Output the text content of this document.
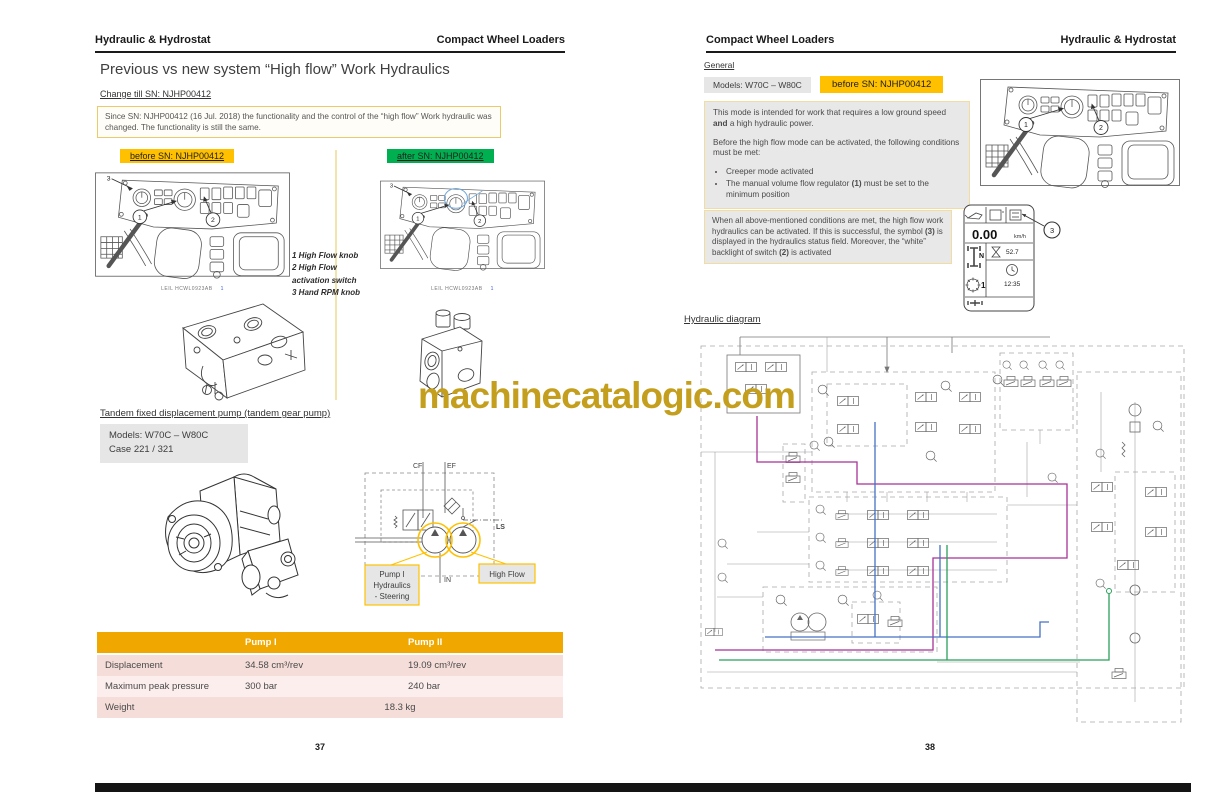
Hydraulic & Hydrostat	Compact Wheel Loaders
Previous vs new system “High flow” Work Hydraulics
Change till SN: NJHP00412
Since SN: NJHP00412 (16 Jul. 2018) the functionality and the control of the “high flow” Work hydraulic was changed. The functionality is still the same.
before SN: NJHP00412	after SN: NJHP00412
3
1	2
LEIL HCWL0923AB 1
1 High Flow knob
2 High Flow
activation switch
3 Hand RPM knob
3
1	2
LEIL HCWL0923AB 1
Tandem fixed displacement pump (tandem gear pump)
Models: W70C – W80C
Case 221 / 321
CF	EF
LS
IN
Pump I
Hydraulics
- Steering
High Flow
	Pump I	Pump II
Displacement	34.58 cm³/rev	19.09 cm³/rev
Maximum peak pressure	300 bar	240 bar
Weight	18.3 kg	
37
Compact Wheel Loaders	Hydraulic & Hydrostat
General
Models: W70C – W80C	before SN: NJHP00412

This mode is intended for work that requires a low ground speed and a high hydraulic power.

Before the high flow mode can be activated, the following conditions must be met:

• Creeper mode activated
• The manual volume flow regulator (1) must be set to the minimum position

When all above-mentioned conditions are met, the high flow work hydraulics can be activated. If this is successful, the symbol (3) is displayed in the hydraulics status field. Moreover, the “white” backlight of switch (2) is activated

1	2
0.00	km/h
52.7
N
12:35
1
3
Hydraulic diagram
machinecatalogic.com
38
